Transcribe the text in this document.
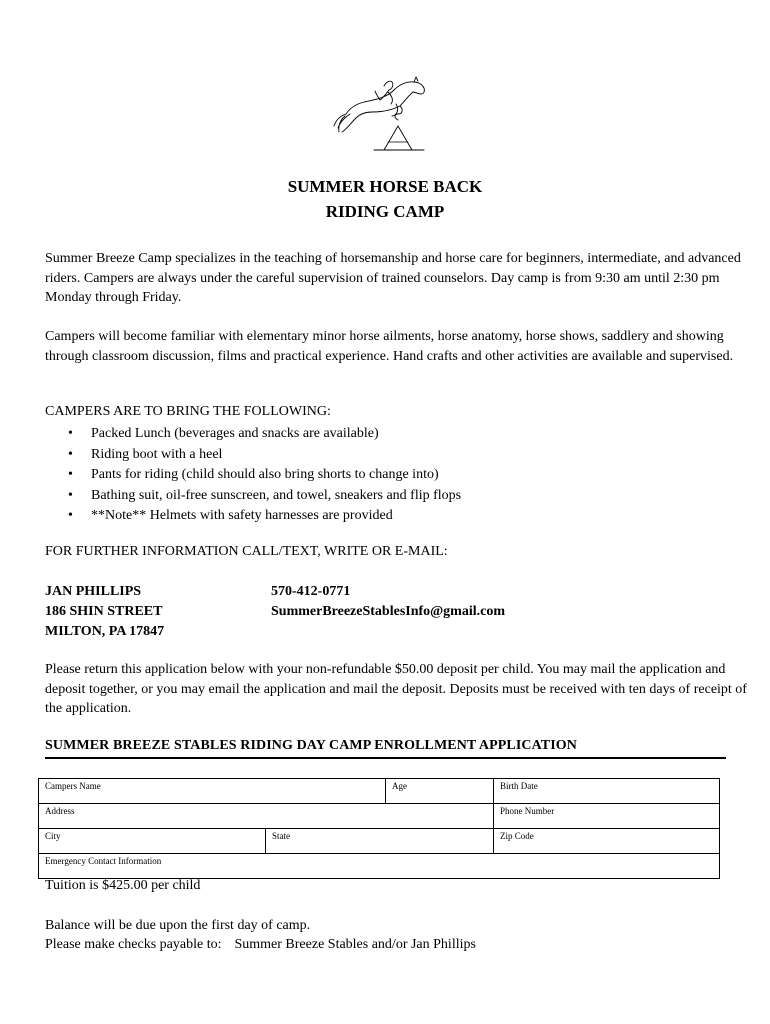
SUMMER HORSE BACK
RIDING CAMP
Summer Breeze Camp specializes in the teaching of horsemanship and horse care for beginners, intermediate, and advanced riders. Campers are always under the careful supervision of trained counselors. Day camp is from 9:30 am until 2:30 pm Monday through Friday.
Campers will become familiar with elementary minor horse ailments, horse anatomy, horse shows, saddlery and showing through classroom discussion, films and practical experience. Hand crafts and other activities are available and supervised.
CAMPERS ARE TO BRING THE FOLLOWING:
• Packed Lunch (beverages and snacks are available)
• Riding boot with a heel
• Pants for riding (child should also bring shorts to change into)
• Bathing suit, oil-free sunscreen, and towel, sneakers and flip flops
• **Note** Helmets with safety harnesses are provided
FOR FURTHER INFORMATION CALL/TEXT, WRITE OR E-MAIL:
JAN PHILLIPS
186 SHIN STREET
MILTON, PA 17847
570-412-0771
SummerBreezeStablesInfo@gmail.com
Please return this application below with your non-refundable $50.00 deposit per child. You may mail the application and deposit together, or you may email the application and mail the deposit. Deposits must be received with ten days of receipt of the application.
SUMMER BREEZE STABLES RIDING DAY CAMP ENROLLMENT APPLICATION
Campers Name	Age	Birth Date
Address	Phone Number
City	State	Zip Code
Emergency Contact Information
Tuition is $425.00 per child
Balance will be due upon the first day of camp.
Please make checks payable to: Summer Breeze Stables and/or Jan Phillips
